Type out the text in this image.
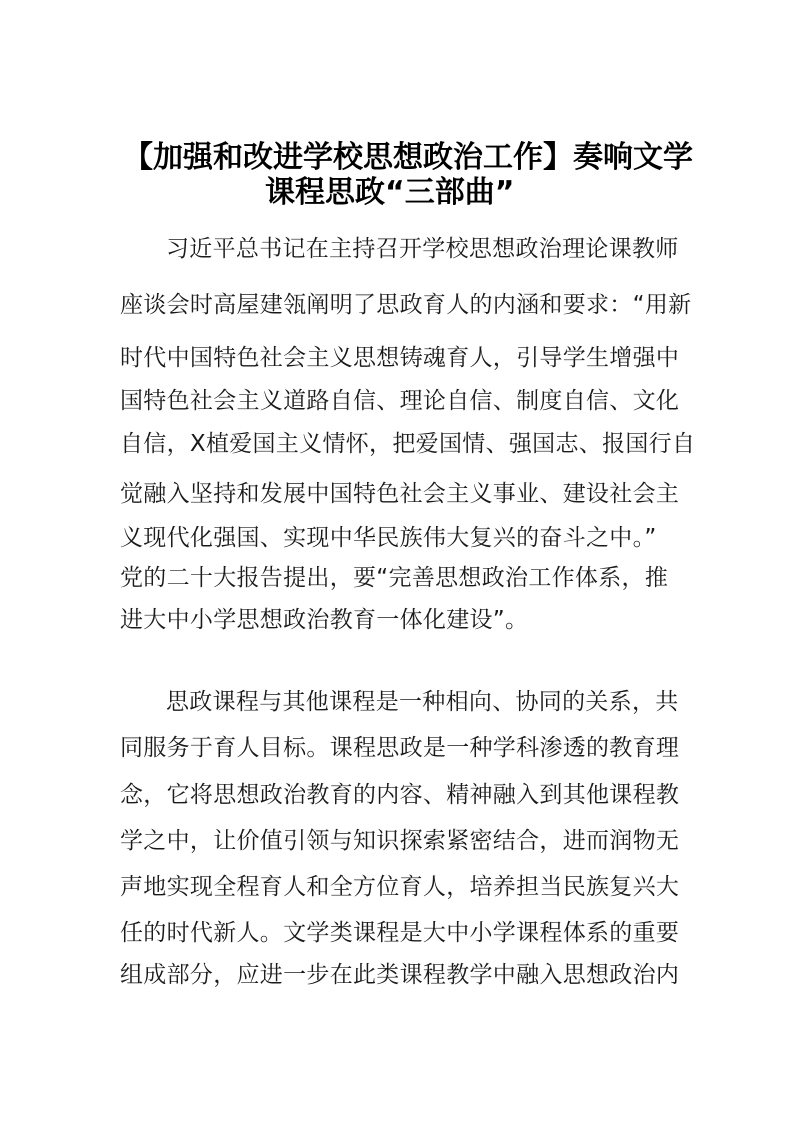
【加强和改进学校思想政治工作】奏响文学
课程思政“三部曲”
习近平总书记在主持召开学校思想政治理论课教师
座谈会时高屋建瓴阐明了思政育人的内涵和要求：“用新
时代中国特色社会主义思想铸魂育人，引导学生增强中
国特色社会主义道路自信、理论自信、制度自信、文化
自信，X植爱国主义情怀，把爱国情、强国志、报国行自
觉融入坚持和发展中国特色社会主义事业、建设社会主
义现代化强国、实现中华民族伟大复兴的奋斗之中。”
党的二十大报告提出，要“完善思想政治工作体系，推
进大中小学思想政治教育一体化建设”。
思政课程与其他课程是一种相向、协同的关系，共
同服务于育人目标。课程思政是一种学科渗透的教育理
念，它将思想政治教育的内容、精神融入到其他课程教
学之中，让价值引领与知识探索紧密结合，进而润物无
声地实现全程育人和全方位育人，培养担当民族复兴大
任的时代新人。文学类课程是大中小学课程体系的重要
组成部分，应进一步在此类课程教学中融入思想政治内
